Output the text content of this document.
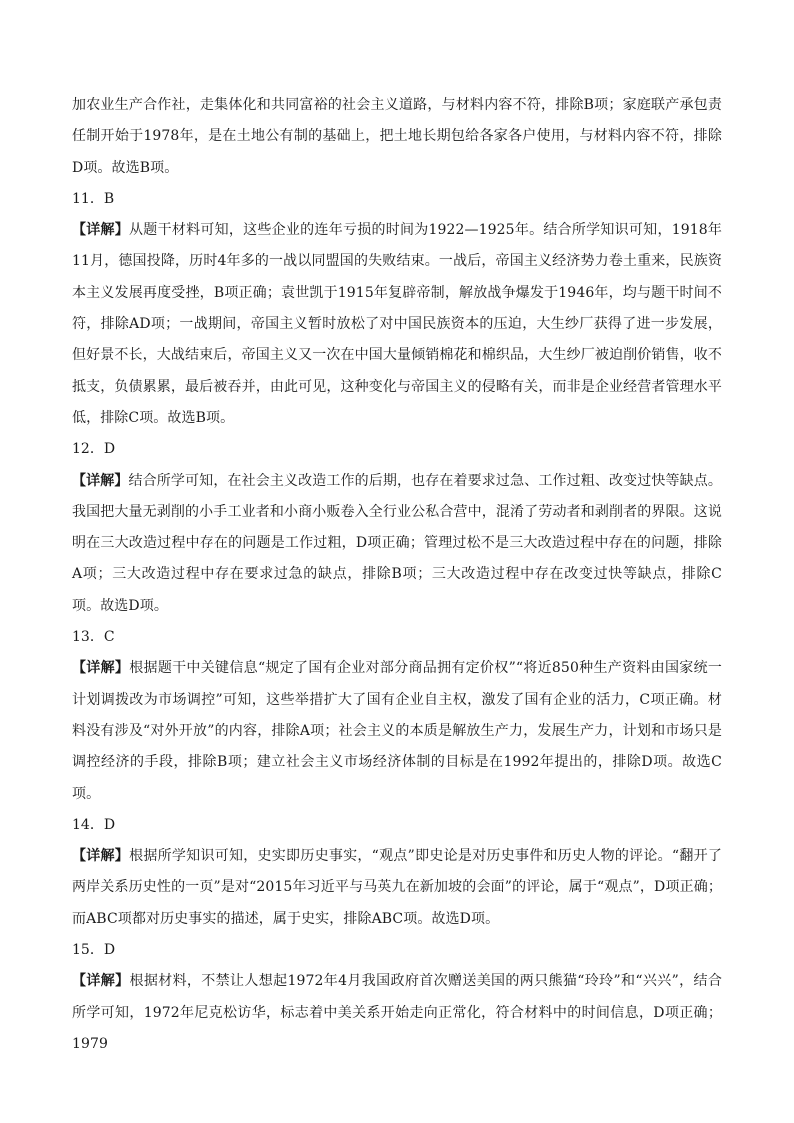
加农业生产合作社，走集体化和共同富裕的社会主义道路，与材料内容不符，排除B项；家庭联产承包责任制开始于1978年，是在土地公有制的基础上，把土地长期包给各家各户使用，与材料内容不符，排除D项。故选B项。

11．B

【详解】从题干材料可知，这些企业的连年亏损的时间为1922—1925年。结合所学知识可知，1918年11月，德国投降，历时4年多的一战以同盟国的失败结束。一战后，帝国主义经济势力卷土重来，民族资本主义发展再度受挫，B项正确；袁世凯于1915年复辟帝制，解放战争爆发于1946年，均与题干时间不符，排除AD项；一战期间，帝国主义暂时放松了对中国民族资本的压迫，大生纱厂获得了进一步发展，但好景不长，大战结束后，帝国主义又一次在中国大量倾销棉花和棉织品，大生纱厂被迫削价销售，收不抵支，负债累累，最后被吞并，由此可见，这种变化与帝国主义的侵略有关，而非是企业经营者管理水平低，排除C项。故选B项。

12．D

【详解】结合所学可知，在社会主义改造工作的后期，也存在着要求过急、工作过粗、改变过快等缺点。我国把大量无剥削的小手工业者和小商小贩卷入全行业公私合营中，混淆了劳动者和剥削者的界限。这说明在三大改造过程中存在的问题是工作过粗，D项正确；管理过松不是三大改造过程中存在的问题，排除A项；三大改造过程中存在要求过急的缺点，排除B项；三大改造过程中存在改变过快等缺点，排除C项。故选D项。

13．C

【详解】根据题干中关键信息“规定了国有企业对部分商品拥有定价权”“将近850种生产资料由国家统一计划调拨改为市场调控”可知，这些举措扩大了国有企业自主权，激发了国有企业的活力，C项正确。材料没有涉及“对外开放”的内容，排除A项；社会主义的本质是解放生产力，发展生产力，计划和市场只是调控经济的手段，排除B项；建立社会主义市场经济体制的目标是在1992年提出的，排除D项。故选C项。

14．D

【详解】根据所学知识可知，史实即历史事实，“观点”即史论是对历史事件和历史人物的评论。“翻开了两岸关系历史性的一页”是对“2015年习近平与马英九在新加坡的会面”的评论，属于“观点”，D项正确；而ABC项都对历史事实的描述，属于史实，排除ABC项。故选D项。

15．D

【详解】根据材料，不禁让人想起1972年4月我国政府首次赠送美国的两只熊猫“玲玲”和“兴兴”，结合所学可知，1972年尼克松访华，标志着中美关系开始走向正常化，符合材料中的时间信息，D项正确；1979
